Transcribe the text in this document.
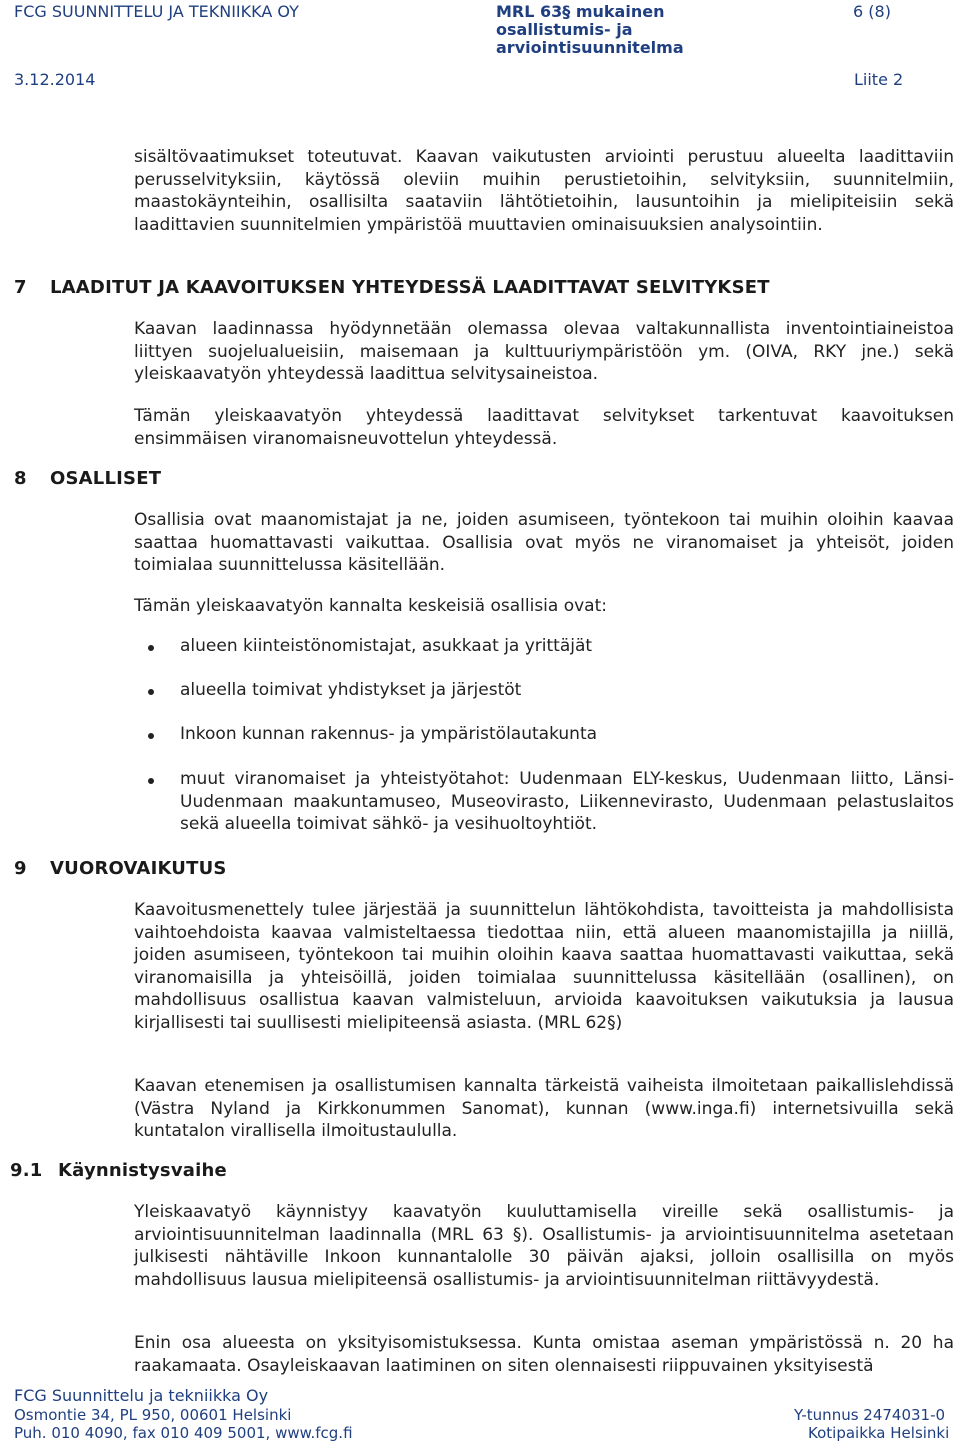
FCG SUUNNITTELU JA TEKNIIKKA OY	MRL 63§ mukainen
osallistumis- ja
arviointisuunnitelma
6 (8)
3.12.2014	Liite 2
sisältövaatimukset toteutuvat. Kaavan vaikutusten arviointi perustuu alueelta laadittaviin perusselvityksiin, käytössä oleviin muihin perustietoihin, selvityksiin, suunnitelmiin, maastokäynteihin, osallisilta saataviin lähtötietoihin, lausuntoihin ja mielipiteisiin sekä laadittavien suunnitelmien ympäristöä muuttavien ominaisuuksien analysointiin.
7 LAADITUT JA KAAVOITUKSEN YHTEYDESSÄ LAADITTAVAT SELVITYKSET
Kaavan laadinnassa hyödynnetään olemassa olevaa valtakunnallista inventointiaineistoa liittyen suojelualueisiin, maisemaan ja kulttuuriympäristöön ym. (OIVA, RKY jne.) sekä yleiskaavatyön yhteydessä laadittua selvitysaineistoa.
Tämän yleiskaavatyön yhteydessä laadittavat selvitykset tarkentuvat kaavoituksen ensimmäisen viranomaisneuvottelun yhteydessä.
8 OSALLISET
Osallisia ovat maanomistajat ja ne, joiden asumiseen, työntekoon tai muihin oloihin kaavaa saattaa huomattavasti vaikuttaa. Osallisia ovat myös ne viranomaiset ja yhteisöt, joiden toimialaa suunnittelussa käsitellään.
Tämän yleiskaavatyön kannalta keskeisiä osallisia ovat:
alueen kiinteistönomistajat, asukkaat ja yrittäjät
alueella toimivat yhdistykset ja järjestöt
Inkoon kunnan rakennus- ja ympäristölautakunta
muut viranomaiset ja yhteistyötahot: Uudenmaan ELY-keskus, Uudenmaan liitto, Länsi-Uudenmaan maakuntamuseo, Museovirasto, Liikennevirasto, Uudenmaan pelastuslaitos sekä alueella toimivat sähkö- ja vesihuoltoyhtiöt.
9 VUOROVAIKUTUS
Kaavoitusmenettely tulee järjestää ja suunnittelun lähtökohdista, tavoitteista ja mahdollisista vaihtoehdoista kaavaa valmisteltaessa tiedottaa niin, että alueen maanomistajilla ja niillä, joiden asumiseen, työntekoon tai muihin oloihin kaava saattaa huomattavasti vaikuttaa, sekä viranomaisilla ja yhteisöillä, joiden toimialaa suunnittelussa käsitellään (osallinen), on mahdollisuus osallistua kaavan valmisteluun, arvioida kaavoituksen vaikutuksia ja lausua kirjallisesti tai suullisesti mielipiteensä asiasta. (MRL 62§)
Kaavan etenemisen ja osallistumisen kannalta tärkeistä vaiheista ilmoitetaan paikallislehdissä (Västra Nyland ja Kirkkonummen Sanomat), kunnan (www.inga.fi) internetsivuilla sekä kuntatalon virallisella ilmoitustaululla.
9.1 Käynnistysvaihe
Yleiskaavatyö käynnistyy kaavatyön kuuluttamisella vireille sekä osallistumis- ja arviointisuunnitelman laadinnalla (MRL 63 §). Osallistumis- ja arviointisuunnitelma asetetaan julkisesti nähtäville Inkoon kunnantalolle 30 päivän ajaksi, jolloin osallisilla on myös mahdollisuus lausua mielipiteensä osallistumis- ja arviointisuunnitelman riittävyydestä.
Enin osa alueesta on yksityisomistuksessa. Kunta omistaa aseman ympäristössä n. 20 ha raakamaata. Osayleiskaavan laatiminen on siten olennaisesti riippuvainen yksityisestä
FCG Suunnittelu ja tekniikka Oy
Osmontie 34, PL 950, 00601 Helsinki
Puh. 010 4090, fax 010 409 5001, www.fcg.fi
Y-tunnus 2474031-0
Kotipaikka Helsinki
